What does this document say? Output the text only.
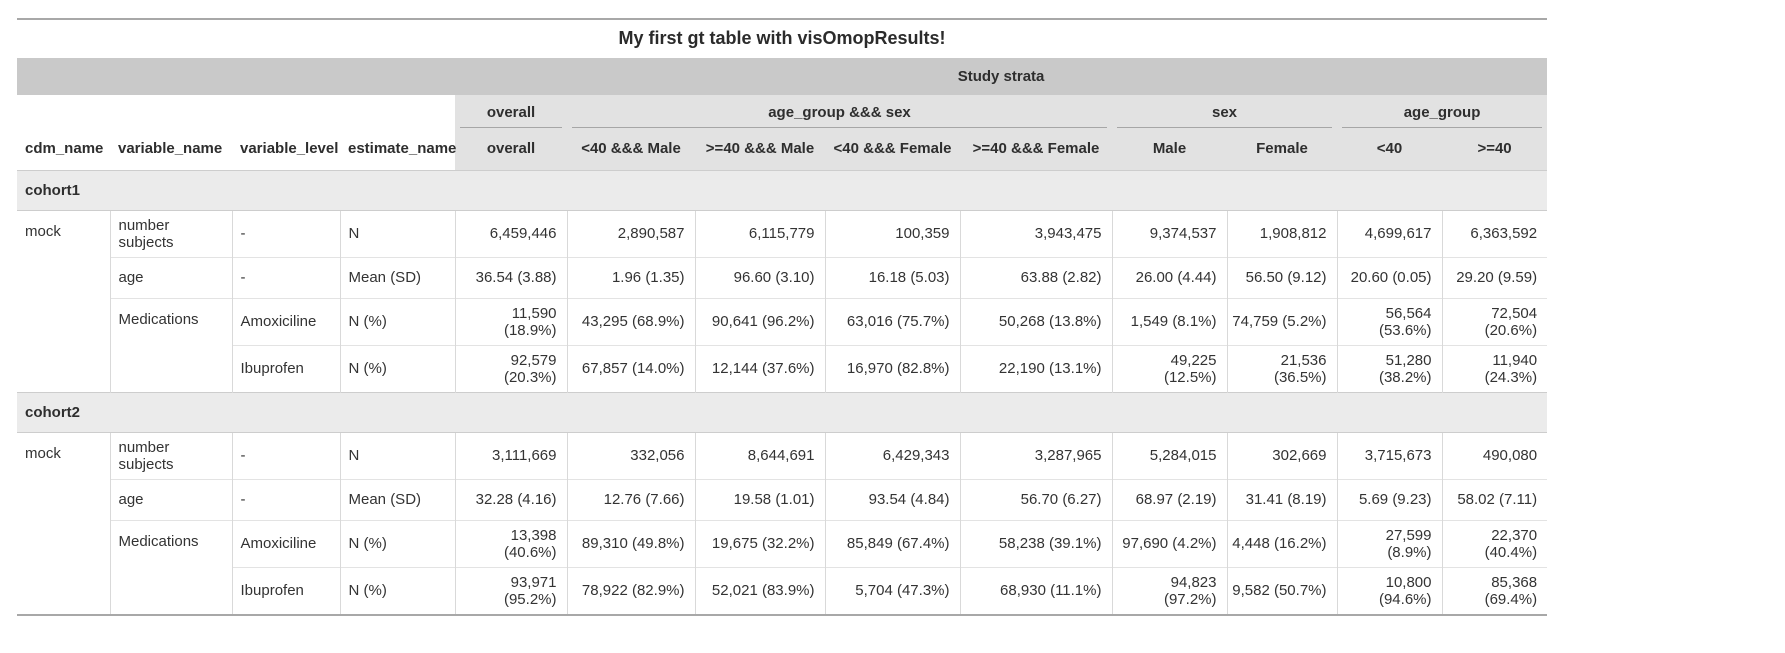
My first gt table with visOmopResults!
				Study strata								

				overall	age_group &&& sex				sex		age_group	

cdm_name	variable_name	variable_level	estimate_name	overall	<40 &&& Male	>=40 &&& Male	<40 &&& Female	>=40 &&& Female	Male	Female	<40	>=40
cohort1												
mock	number subjects	-	N	6,459,446	2,890,587	6,115,779	100,359	3,943,475	9,374,537	1,908,812	4,699,617	6,363,592
	age	-	Mean (SD)	36.54 (3.88)	1.96 (1.35)	96.60 (3.10)	16.18 (5.03)	63.88 (2.82)	26.00 (4.44)	56.50 (9.12)	20.60 (0.05)	29.20 (9.59)
	Medications	Amoxiciline	N (%)	11,590 (18.9%)	43,295 (68.9%)	90,641 (96.2%)	63,016 (75.7%)	50,268 (13.8%)	1,549 (8.1%)	74,759 (5.2%)	56,564 (53.6%)	72,504 (20.6%)
		Ibuprofen	N (%)	92,579 (20.3%)	67,857 (14.0%)	12,144 (37.6%)	16,970 (82.8%)	22,190 (13.1%)	49,225 (12.5%)	21,536 (36.5%)	51,280 (38.2%)	11,940 (24.3%)
cohort2												
mock	number subjects	-	N	3,111,669	332,056	8,644,691	6,429,343	3,287,965	5,284,015	302,669	3,715,673	490,080
	age	-	Mean (SD)	32.28 (4.16)	12.76 (7.66)	19.58 (1.01)	93.54 (4.84)	56.70 (6.27)	68.97 (2.19)	31.41 (8.19)	5.69 (9.23)	58.02 (7.11)
	Medications	Amoxiciline	N (%)	13,398 (40.6%)	89,310 (49.8%)	19,675 (32.2%)	85,849 (67.4%)	58,238 (39.1%)	97,690 (4.2%)	4,448 (16.2%)	27,599 (8.9%)	22,370 (40.4%)
		Ibuprofen	N (%)	93,971 (95.2%)	78,922 (82.9%)	52,021 (83.9%)	5,704 (47.3%)	68,930 (11.1%)	94,823 (97.2%)	9,582 (50.7%)	10,800 (94.6%)	85,368 (69.4%)
